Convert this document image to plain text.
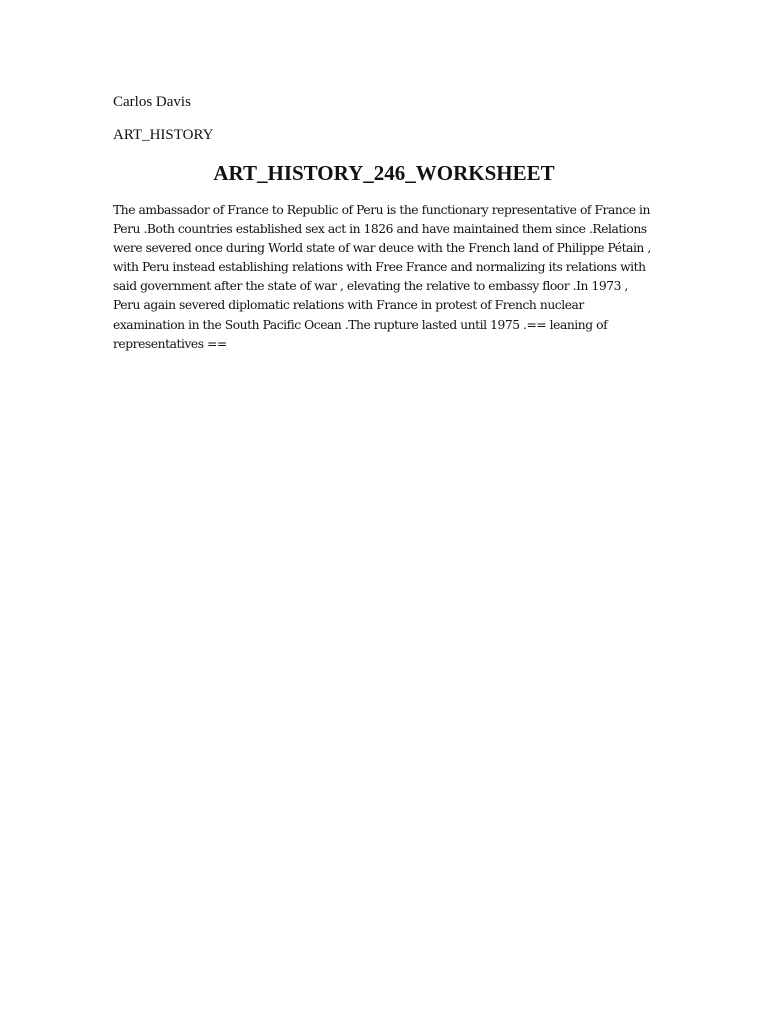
Carlos Davis

ART_HISTORY

ART_HISTORY_246_WORKSHEET
The ambassador of France to Republic of Peru is the functionary representative of France in
Peru .Both countries established sex act in 1826 and have maintained them since .Relations
were severed once during World state of war deuce with the French land of Philippe Pétain ,
with Peru instead establishing relations with Free France and normalizing its relations with
said government after the state of war , elevating the relative to embassy floor .In 1973 ,
Peru again severed diplomatic relations with France in protest of French nuclear
examination in the South Pacific Ocean .The rupture lasted until 1975 .== leaning of
representatives ==
